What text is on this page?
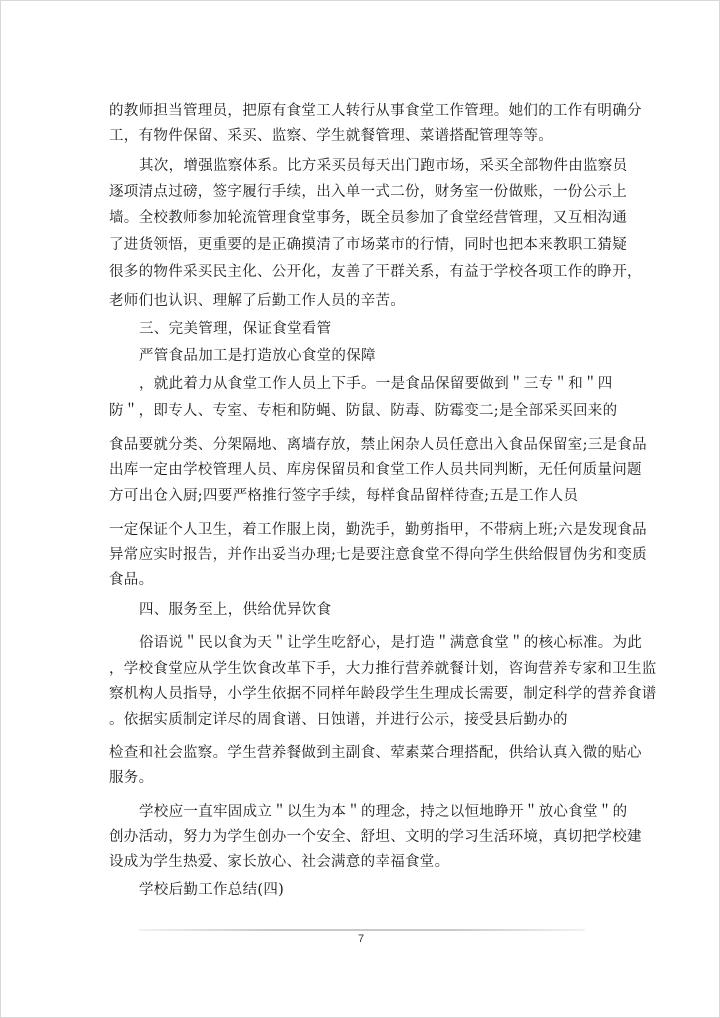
的教师担当管理员，把原有食堂工人转行从事食堂工作管理。她们的工作有明确分
工，有物件保留、采买、监察、学生就餐管理、菜谱搭配管理等等。
其次，增强监察体系。比方采买员每天出门跑市场，采买全部物件由监察员
逐项清点过磅，签字履行手续，出入单一式二份，财务室一份做账，一份公示上
墙。全校教师参加轮流管理食堂事务，既全员参加了食堂经营管理，又互相沟通
了进货领悟，更重要的是正确摸清了市场菜市的行情，同时也把本来教职工猜疑
很多的物件采买民主化、公开化，友善了干群关系，有益于学校各项工作的睁开，
老师们也认识、理解了后勤工作人员的辛苦。
三、完美管理，保证食堂看管
严管食品加工是打造放心食堂的保障
，就此着力从食堂工作人员上下手。一是食品保留要做到＂三专＂和＂四
防＂，即专人、专室、专柜和防蝇、防鼠、防毒、防霉变二;是全部采买回来的
食品要就分类、分架隔地、离墙存放，禁止闲杂人员任意出入食品保留室;三是食品
出库一定由学校管理人员、库房保留员和食堂工作人员共同判断，无任何质量问题
方可出仓入厨;四要严格推行签字手续，每样食品留样待查;五是工作人员
一定保证个人卫生，着工作服上岗，勤洗手，勤剪指甲，不带病上班;六是发现食品
异常应实时报告，并作出妥当办理;七是要注意食堂不得向学生供给假冒伪劣和变质
食品。
四、服务至上，供给优异饮食
俗语说＂民以食为天＂让学生吃舒心，是打造＂满意食堂＂的核心标准。为此
，学校食堂应从学生饮食改革下手，大力推行营养就餐计划，咨询营养专家和卫生监
察机构人员指导，小学生依据不同样年龄段学生生理成长需要，制定科学的营养食谱
。依据实质制定详尽的周食谱、日蚀谱，并进行公示，接受县后勤办的
检查和社会监察。学生营养餐做到主副食、荤素菜合理搭配，供给认真入微的贴心
服务。
学校应一直牢固成立＂以生为本＂的理念，持之以恒地睁开＂放心食堂＂的
创办活动，努力为学生创办一个安全、舒坦、文明的学习生活环境，真切把学校建
设成为学生热爱、家长放心、社会满意的幸福食堂。
学校后勤工作总结(四)
7
